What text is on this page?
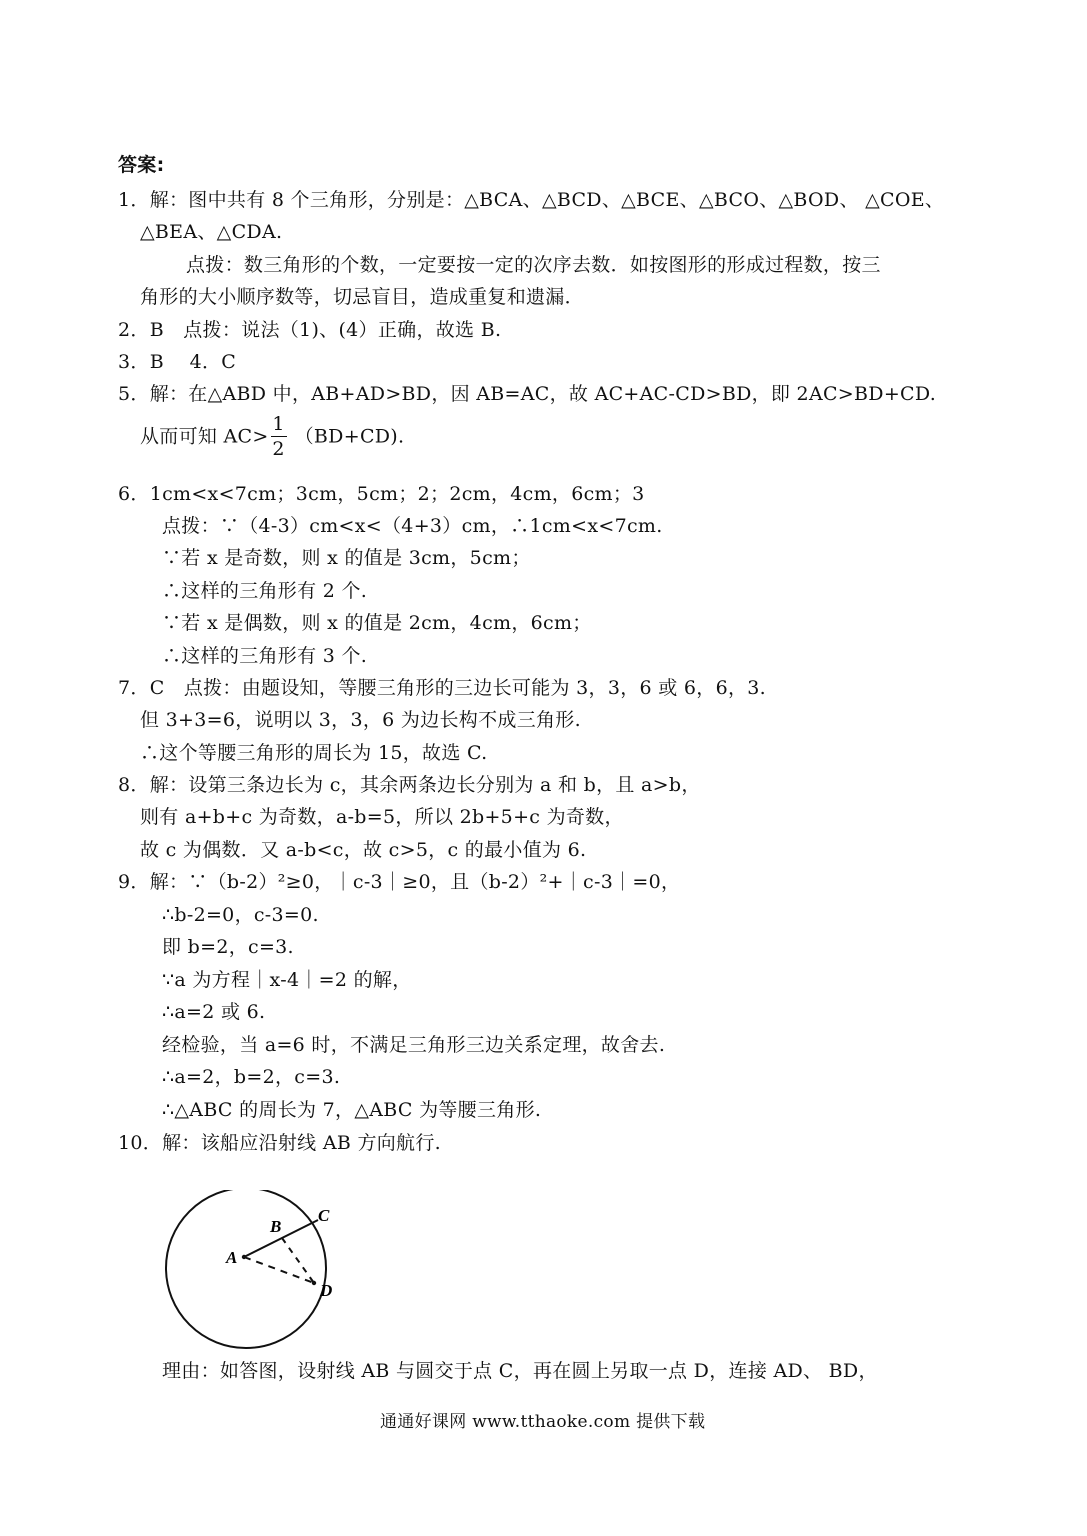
答案:
1．解：图中共有 8 个三角形，分别是：△BCA、△BCD、△BCE、△BCO、△BOD、 △COE、
△BEA、△CDA.
点拨：数三角形的个数，一定要按一定的次序去数．如按图形的形成过程数，按三
角形的大小顺序数等，切忌盲目，造成重复和遗漏．
2．B　点拨：说法（1)、(4）正确，故选 B.
3．B　 4．C
5．解：在△ABD 中，AB+AD>BD，因 AB=AC，故 AC+AC-CD>BD，即 2AC>BD+CD.
从而可知 $AC> \frac{1}{2} (BD+CD)$.
6．1cm<x<7cm；3cm，5cm；2；2cm，4cm，6cm；3
点拨：∵（4-3）cm<x<（4+3）cm，∴1cm<x<7cm.
∵若 x 是奇数，则 x 的值是 3cm，5cm；
∴这样的三角形有 2 个.
∵若 x 是偶数，则 x 的值是 2cm，4cm，6cm；
∴这样的三角形有 3 个.
7．C　点拨：由题设知，等腰三角形的三边长可能为 3，3，6 或 6，6，3.
但 3+3=6，说明以 3，3，6 为边长构不成三角形.
∴这个等腰三角形的周长为 15，故选 C.
8．解：设第三条边长为 c，其余两条边长分别为 a 和 b，且 a>b，
则有 a+b+c 为奇数，a-b=5，所以 2b+5+c 为奇数，
故 c 为偶数．又 a-b<c，故 c>5，c 的最小值为 6.
9．解：∵（b-2）²≥0，｜c-3｜≥0，且（b-2）²+｜c-3｜=0，
∴b-2=0，c-3=0.
即 b=2，c=3.
∵a 为方程｜x-4｜=2 的解，
∴a=2 或 6.
经检验，当 a=6 时，不满足三角形三边关系定理，故舍去.
∴a=2，b=2，c=3.
∴△ABC 的周长为 7，△ABC 为等腰三角形.
10．解：该船应沿射线 AB 方向航行.
A
B
C
D
理由：如答图，设射线 AB 与圆交于点 C，再在圆上另取一点 D，连接 AD、 BD，
通通好课网 www.tthaoke.com 提供下载
